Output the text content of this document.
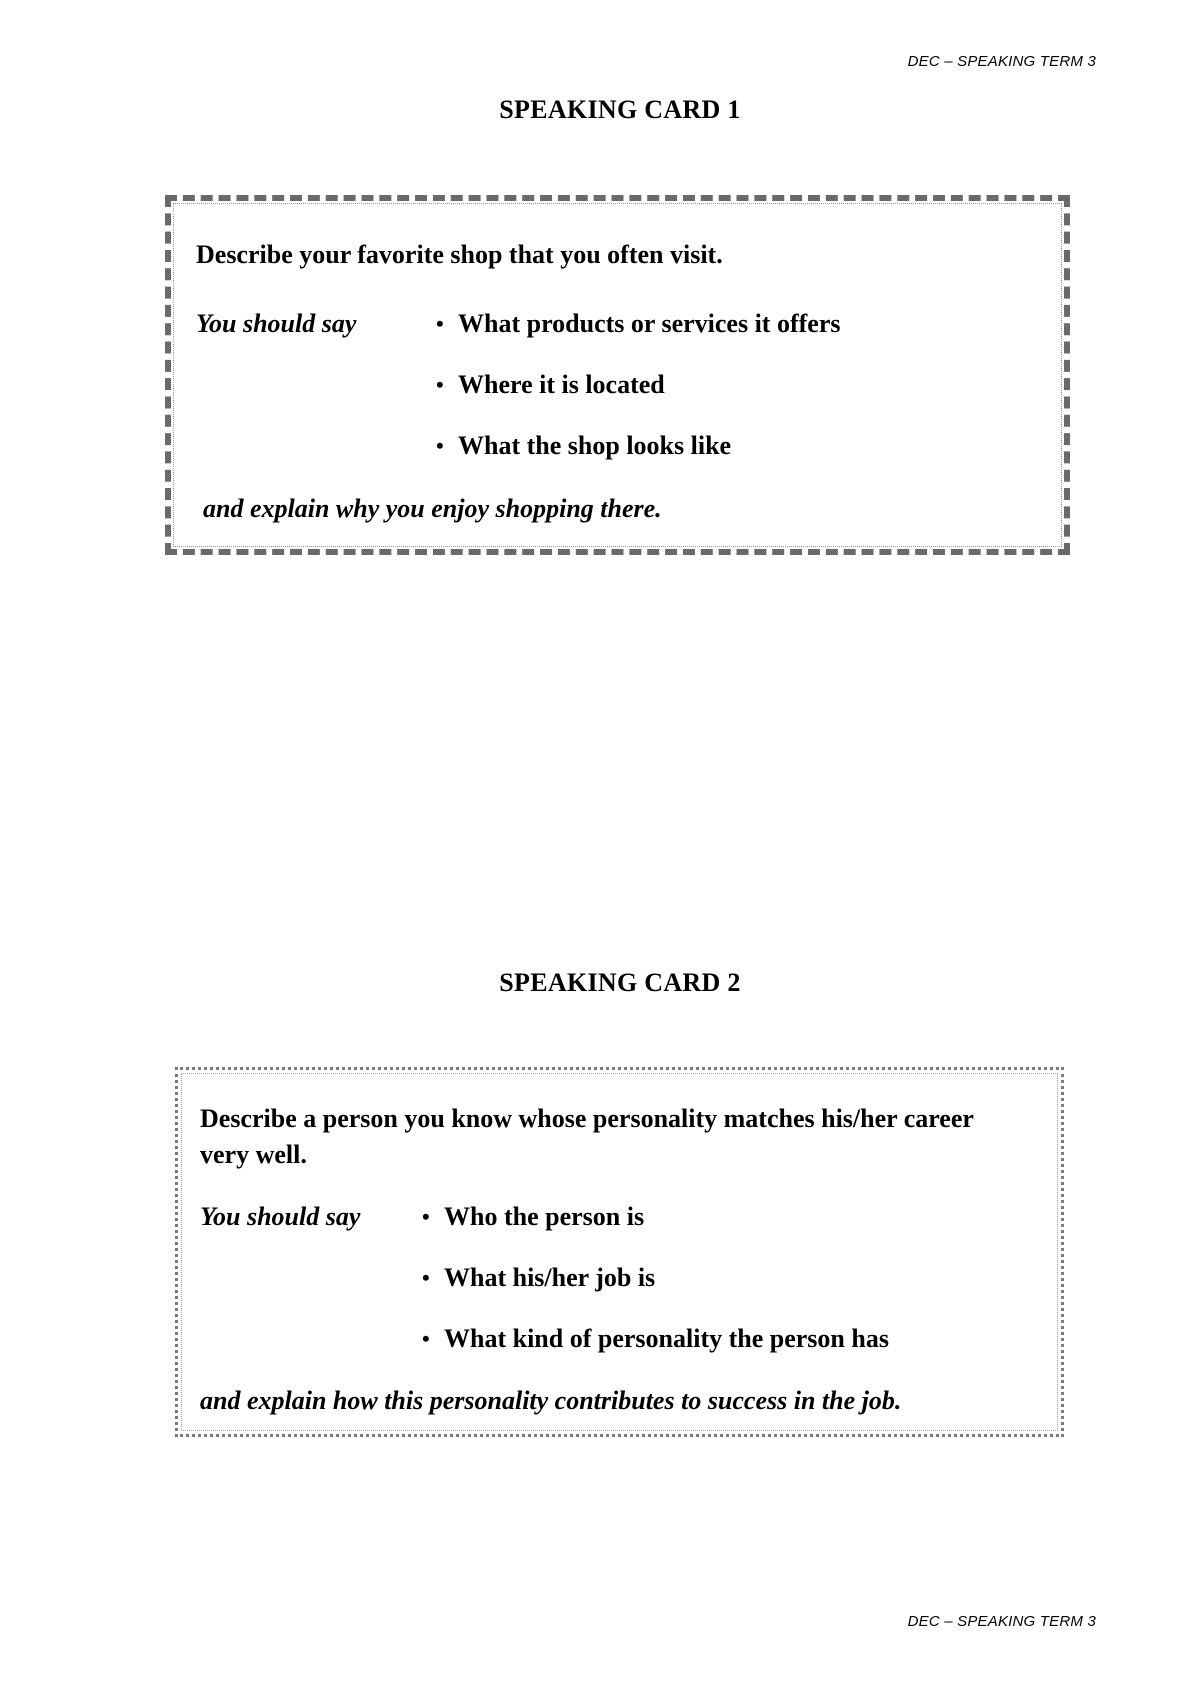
DEC – SPEAKING TERM 3
SPEAKING CARD 1
Describe your favorite shop that you often visit.
You should say	• What products or services it offers
• Where it is located
• What the shop looks like
and explain why you enjoy shopping there.
SPEAKING CARD 2
Describe a person you know whose personality matches his/her career very well.
You should say	• Who the person is
• What his/her job is
• What kind of personality the person has
and explain how this personality contributes to success in the job.
DEC – SPEAKING TERM 3
